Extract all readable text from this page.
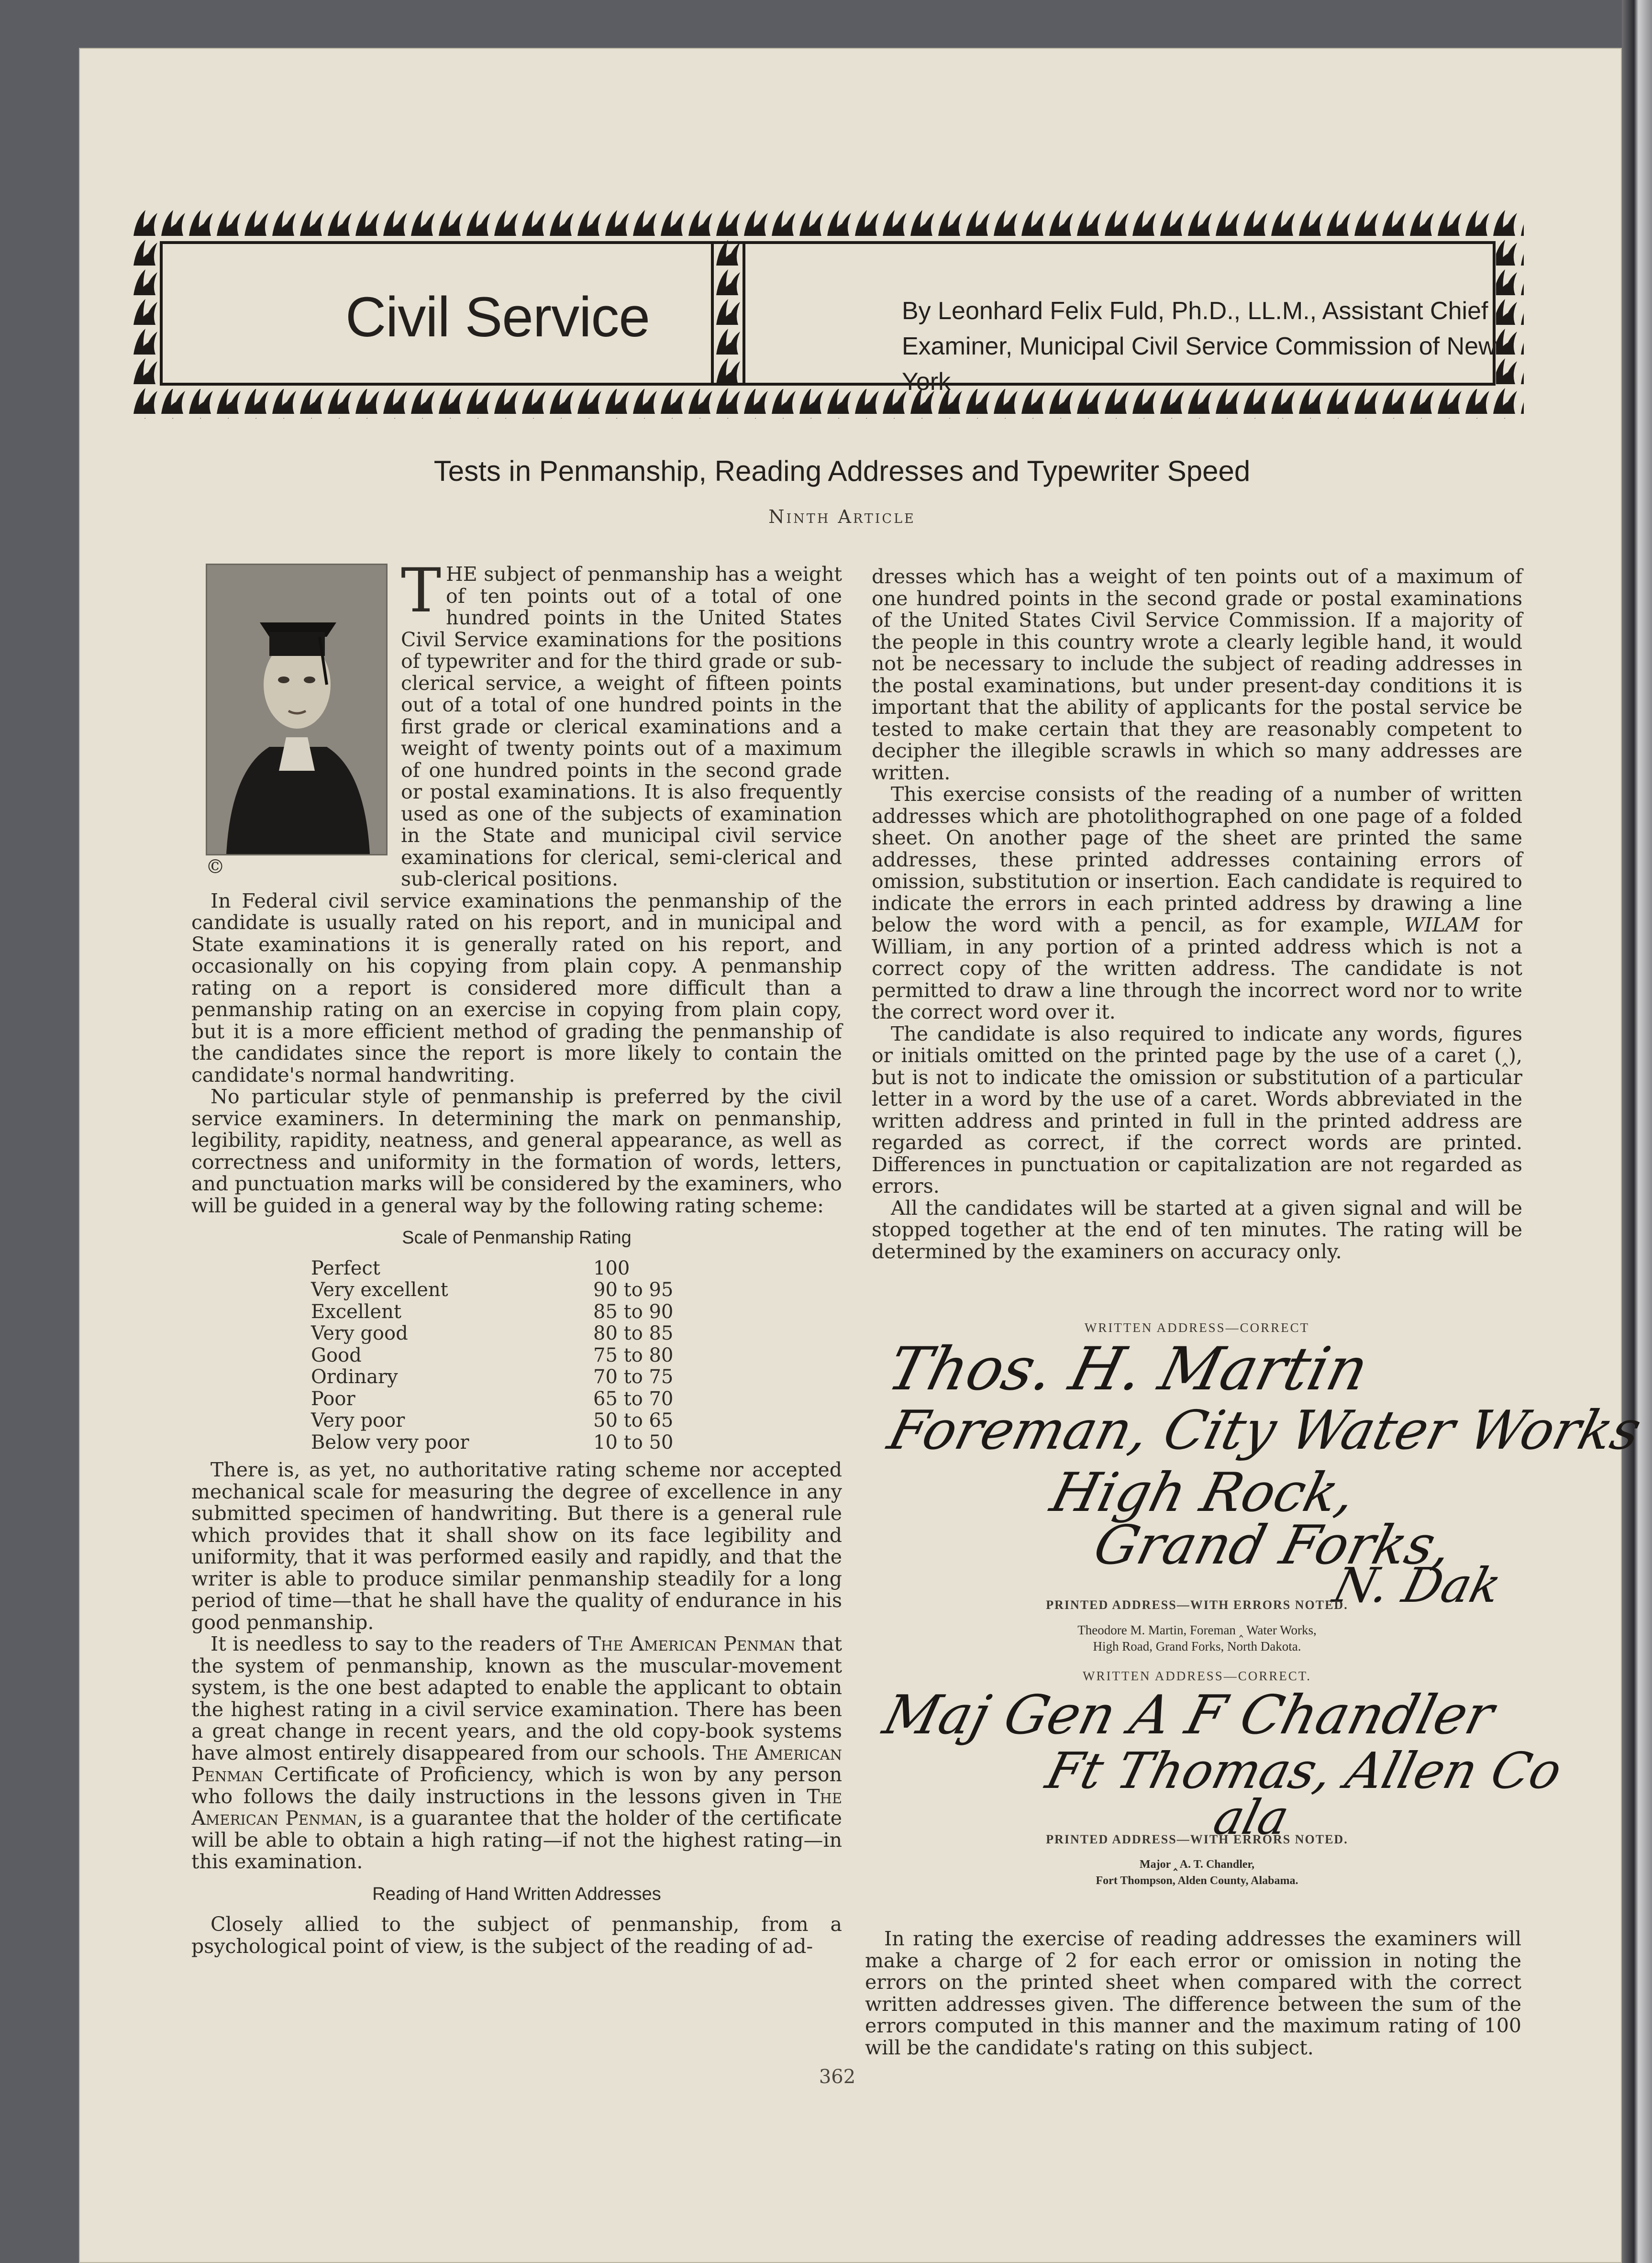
Civil Service	By Leonhard Felix Fuld, Ph.D., LL.M., Assistant Chief Examiner, Municipal Civil Service Commission of New York
Tests in Penmanship, Reading Addresses and Typewriter Speed
Ninth Article
©
T HE subject of penmanship has a weight of ten points out of a total of one hundred points in the United States Civil Service examinations for the positions of typewriter and for the third grade or sub-clerical service, a weight of fifteen points out of a total of one hundred points in the first grade or clerical examinations and a weight of twenty points out of a maximum of one hundred points in the second grade or postal examinations. It is also frequently used as one of the subjects of examination in the State and municipal civil service examinations for clerical, semi-clerical and sub-clerical positions.

In Federal civil service examinations the penmanship of the candidate is usually rated on his report, and in municipal and State examinations it is generally rated on his report, and occasionally on his copying from plain copy. A penmanship rating on a report is considered more difficult than a penmanship rating on an exercise in copying from plain copy, but it is a more efficient method of grading the penmanship of the candidates since the report is more likely to contain the candidate's normal handwriting.

No particular style of penmanship is preferred by the civil service examiners. In determining the mark on penmanship, legibility, rapidity, neatness, and general appearance, as well as correctness and uniformity in the formation of words, letters, and punctuation marks will be considered by the examiners, who will be guided in a general way by the following rating scheme:

Scale of Penmanship Rating
Perfect	100
Very excellent	90 to 95
Excellent	85 to 90
Very good	80 to 85
Good	75 to 80
Ordinary	70 to 75
Poor	65 to 70
Very poor	50 to 65
Below very poor	10 to 50

There is, as yet, no authoritative rating scheme nor accepted mechanical scale for measuring the degree of excellence in any submitted specimen of handwriting. But there is a general rule which provides that it shall show on its face legibility and uniformity, that it was performed easily and rapidly, and that the writer is able to produce similar penmanship steadily for a long period of time—that he shall have the quality of endurance in his good penmanship.

It is needless to say to the readers of The American Penman that the system of penmanship, known as the muscular-movement system, is the one best adapted to enable the applicant to obtain the highest rating in a civil service examination. There has been a great change in recent years, and the old copy-book systems have almost entirely disappeared from our schools. The American Penman Certificate of Proficiency, which is won by any person who follows the daily instructions in the lessons given in The American Penman, is a guarantee that the holder of the certificate will be able to obtain a high rating—if not the highest rating—in this examination.

Reading of Hand Written Addresses

Closely allied to the subject of penmanship, from a psychological point of view, is the subject of the reading of ad-

dresses which has a weight of ten points out of a maximum of one hundred points in the second grade or postal examinations of the United States Civil Service Commission. If a majority of the people in this country wrote a clearly legible hand, it would not be necessary to include the subject of reading addresses in the postal examinations, but under present-day conditions it is important that the ability of applicants for the postal service be tested to make certain that they are reasonably competent to decipher the illegible scrawls in which so many addresses are written.

This exercise consists of the reading of a number of written addresses which are photolithographed on one page of a folded sheet. On another page of the sheet are printed the same addresses, these printed addresses containing errors of omission, substitution or insertion. Each candidate is required to indicate the errors in each printed address by drawing a line below the word with a pencil, as for example, WILAM for William, in any portion of a printed address which is not a correct copy of the written address. The candidate is not permitted to draw a line through the incorrect word nor to write the correct word over it.

The candidate is also required to indicate any words, figures or initials omitted on the printed page by the use of a caret (‸), but is not to indicate the omission or substitution of a particular letter in a word by the use of a caret. Words abbreviated in the written address and printed in full in the printed address are regarded as correct, if the correct words are printed. Differences in punctuation or capitalization are not regarded as errors.

All the candidates will be started at a given signal and will be stopped together at the end of ten minutes. The rating will be determined by the examiners on accuracy only.

WRITTEN ADDRESS—CORRECT
Thos. H. Martin
Foreman, City Water Works
High Rock,
Grand Forks,
N. Dak
PRINTED ADDRESS—WITH ERRORS NOTED.
Theodore M. Martin, Foreman ‸ Water Works,
High Road, Grand Forks, North Dakota.
WRITTEN ADDRESS—CORRECT.
Maj Gen A F Chandler
Ft Thomas, Allen Co
ala
PRINTED ADDRESS—WITH ERRORS NOTED.
Major ‸ A. T. Chandler,
Fort Thompson, Alden County, Alabama.

In rating the exercise of reading addresses the examiners will make a charge of 2 for each error or omission in noting the errors on the printed sheet when compared with the correct written addresses given. The difference between the sum of the errors computed in this manner and the maximum rating of 100 will be the candidate's rating on this subject.

362
